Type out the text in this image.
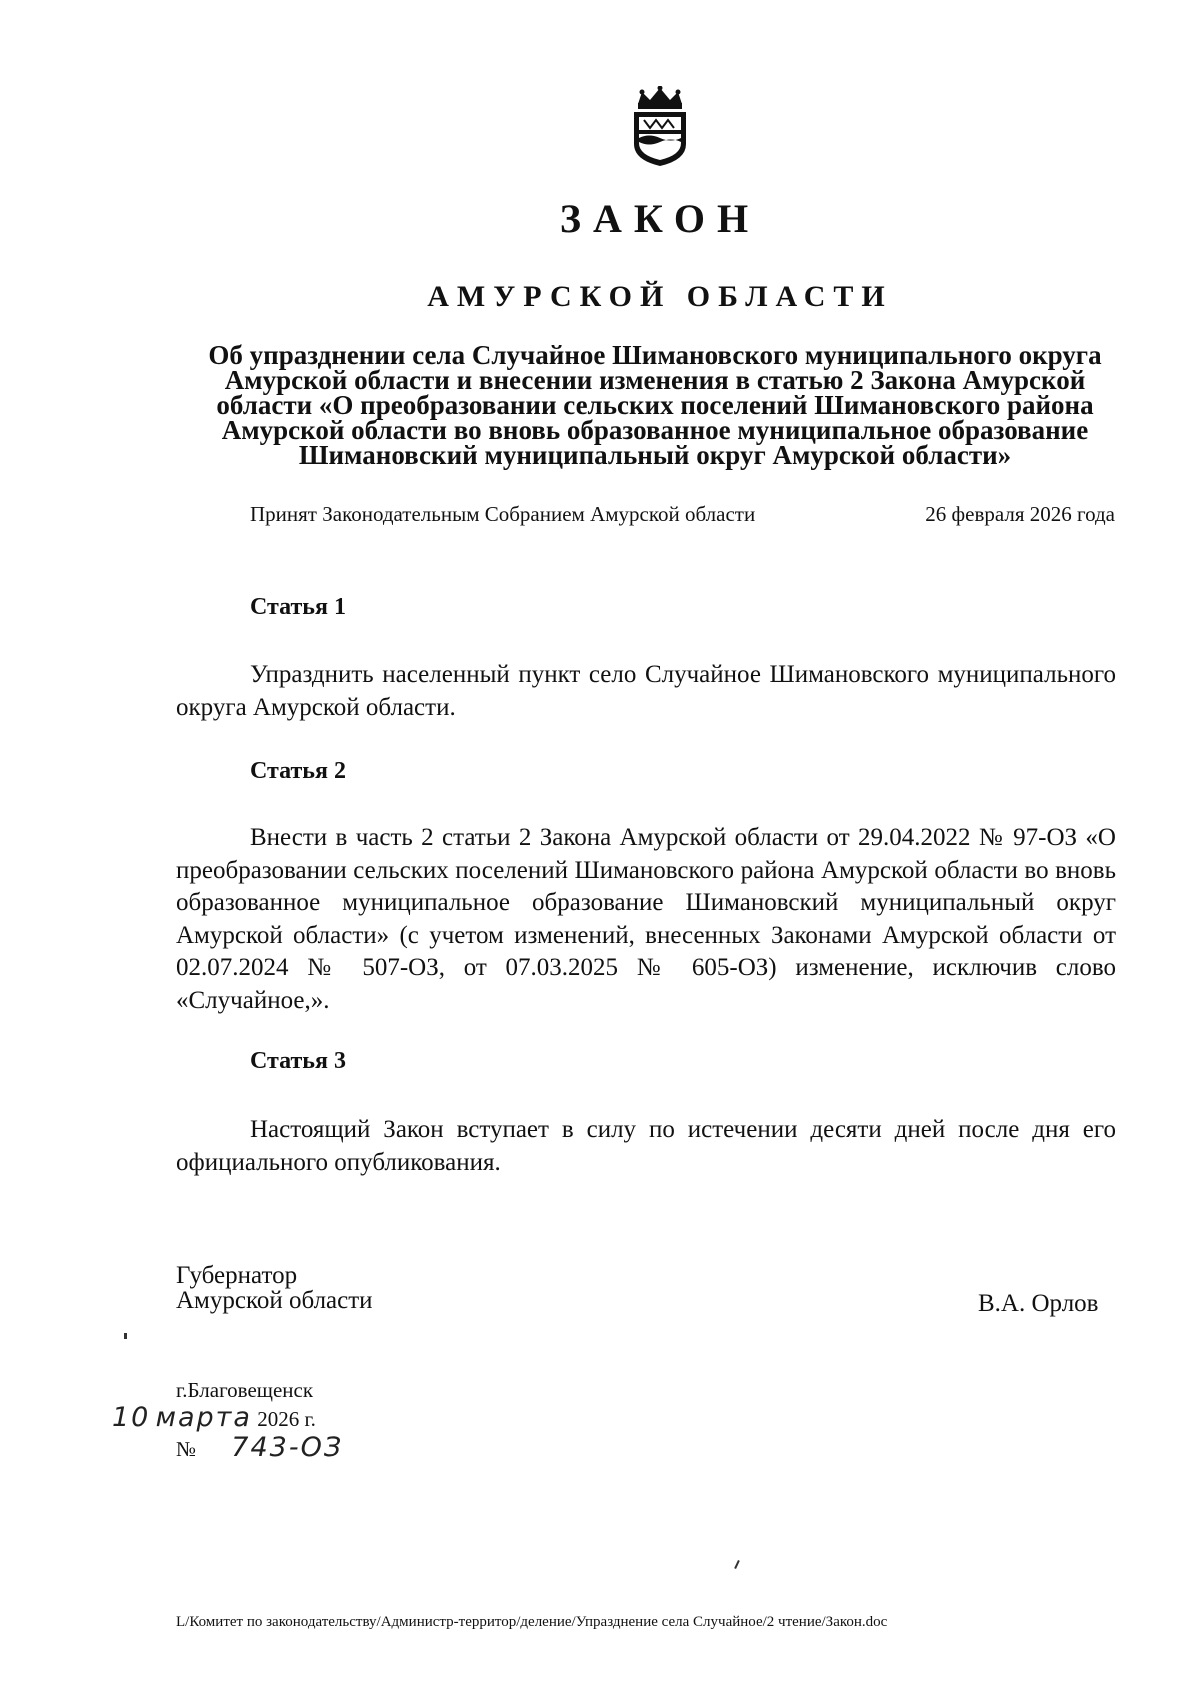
ЗАКОН
АМУРСКОЙ ОБЛАСТИ
Об упразднении села Случайное Шимановского муниципального округа Амурской области и внесении изменения в статью 2 Закона Амурской области «О преобразовании сельских поселений Шимановского района Амурской области во вновь образованное муниципальное образование Шимановский муниципальный округ Амурской области»
Принят Законодательным Собранием Амурской области	26 февраля 2026 года
Статья 1
Упразднить населенный пункт село Случайное Шимановского муниципального округа Амурской области.
Статья 2
Внести в часть 2 статьи 2 Закона Амурской области от 29.04.2022 № 97-ОЗ «О преобразовании сельских поселений Шимановского района Амурской области во вновь образованное муниципальное образование Шимановский муниципальный округ Амурской области» (с учетом изменений, внесенных Законами Амурской области от 02.07.2024 № 507-ОЗ, от 07.03.2025 № 605-ОЗ) изменение, исключив слово «Случайное,».
Статья 3
Настоящий Закон вступает в силу по истечении десяти дней после дня его официального опубликования.
Губернатор
Амурской области	В.А. Орлов
г.Благовещенск
10 марта 2026 г.
№ 743-ОЗ
L/Комитет по законодательству/Администр-территор/деление/Упразднение села Случайное/2 чтение/Закон.doc
